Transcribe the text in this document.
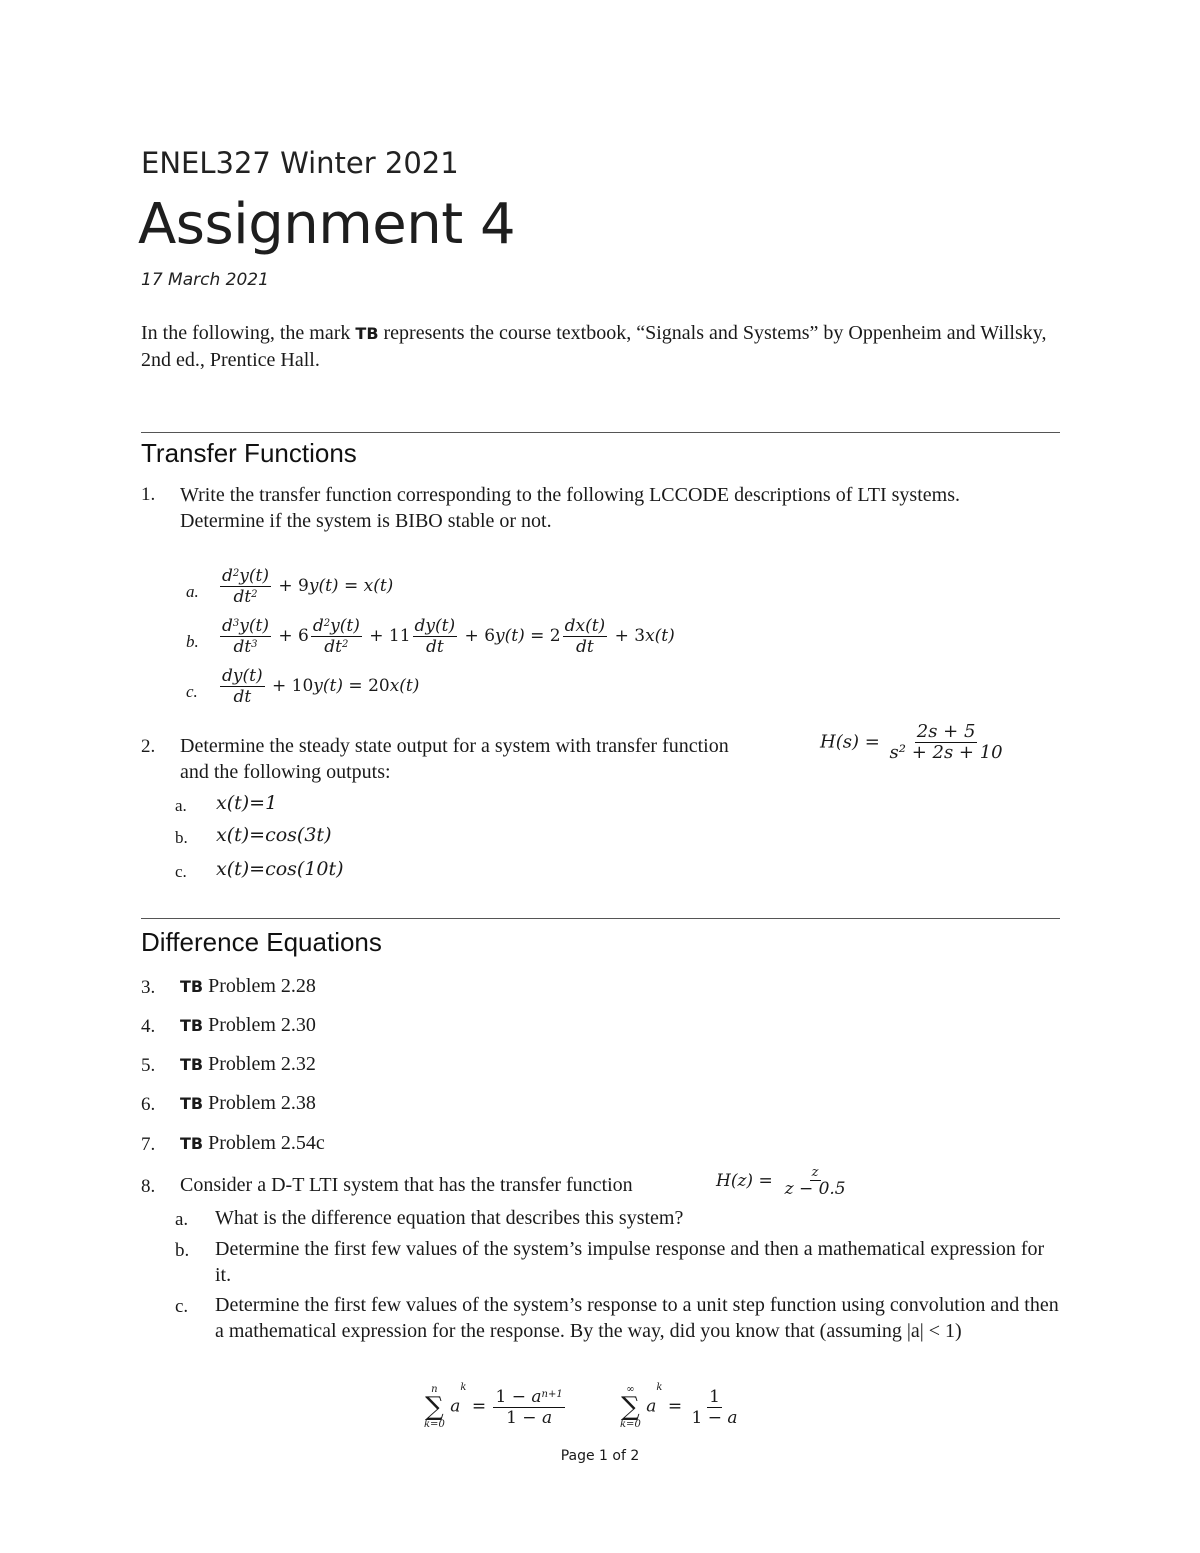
ENEL327 Winter 2021
Assignment 4
17 March 2021
In the following, the mark TB represents the course textbook, “Signals and Systems” by Oppenheim and Willsky, 2nd ed., Prentice Hall.
Transfer Functions
1. Write the transfer function corresponding to the following LCCODE descriptions of LTI systems. Determine if the system is BIBO stable or not.
a. $\frac{d^2y(t)}{dt^2} + 9y(t) = x(t)$
b. $\frac{d^3y(t)}{dt^3} + 6 \frac{d^2y(t)}{dt^2} + 11 \frac{dy(t)}{dt} + 6y(t) = 2 \frac{dx(t)}{dt} + 3x(t)$
c. $\frac{dy(t)}{dt} + 10y(t) = 20x(t)$
2. Determine the steady state output for a system with transfer function	$H(s) = \frac{2s + 5}{\text{s² + 2s + 10}}$
and the following outputs:
a. x(t)=1
b. x(t)=cos(3t)
c. x(t)=cos(10t)
Difference Equations
3. TB Problem 2.28
4. TB Problem 2.30
5. TB Problem 2.32
6. TB Problem 2.38
7. TB Problem 2.54c
8. Consider a D-T LTI system that has the transfer function	$H(z) = \frac{z}{z - 0.5}$
a. What is the difference equation that describes this system?
b. Determine the first few values of the system’s impulse response and then a mathematical expression for it.
c. Determine the first few values of the system’s response to a unit step function using convolution and then a mathematical expression for the response. By the way, did you know that (assuming |a| < 1)
n
∑
k=0
$a^k = \frac{1 - a^{n+1}}{1 - a}$	∞
∑
k=0
$a^k = \frac{1}{1 - a}$
Page 1 of 2
